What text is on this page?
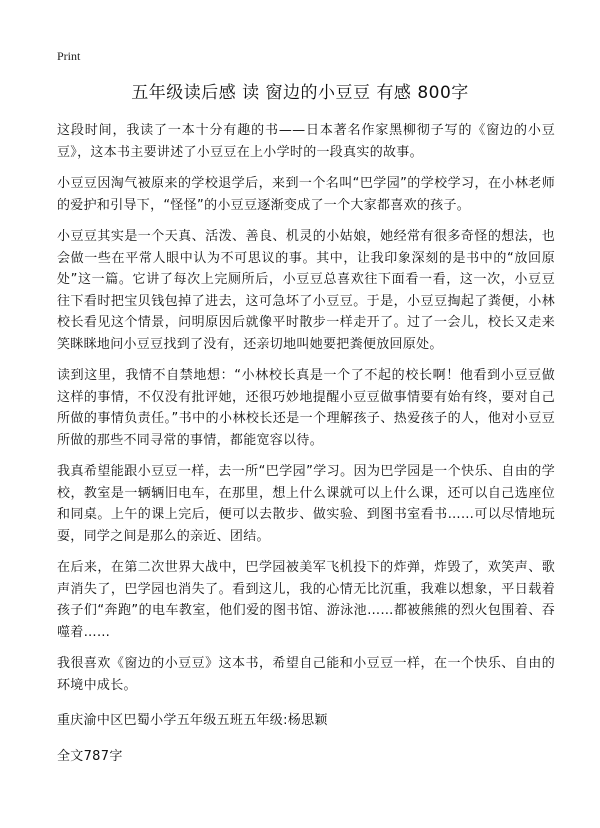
Print
五年级读后感 读 窗边的小豆豆 有感 800字

这段时间，我读了一本十分有趣的书——日本著名作家黑柳彻子写的《窗边的小豆豆》，这本书主要讲述了小豆豆在上小学时的一段真实的故事。

小豆豆因淘气被原来的学校退学后，来到一个名叫“巴学园”的学校学习，在小林老师的爱护和引导下，“怪怪”的小豆豆逐渐变成了一个大家都喜欢的孩子。

小豆豆其实是一个天真、活泼、善良、机灵的小姑娘，她经常有很多奇怪的想法，也会做一些在平常人眼中认为不可思议的事。其中，让我印象深刻的是书中的“放回原处”这一篇。它讲了每次上完厕所后，小豆豆总喜欢往下面看一看，这一次，小豆豆往下看时把宝贝钱包掉了进去，这可急坏了小豆豆。于是，小豆豆掏起了粪便，小林校长看见这个情景，问明原因后就像平时散步一样走开了。过了一会儿，校长又走来笑眯眯地问小豆豆找到了没有，还亲切地叫她要把粪便放回原处。

读到这里，我情不自禁地想：“小林校长真是一个了不起的校长啊！他看到小豆豆做这样的事情，不仅没有批评她，还很巧妙地提醒小豆豆做事情要有始有终，要对自己所做的事情负责任。”书中的小林校长还是一个理解孩子、热爱孩子的人，他对小豆豆所做的那些不同寻常的事情，都能宽容以待。

我真希望能跟小豆豆一样，去一所“巴学园”学习。因为巴学园是一个快乐、自由的学校，教室是一辆辆旧电车，在那里，想上什么课就可以上什么课，还可以自己选座位和同桌。上午的课上完后，便可以去散步、做实验、到图书室看书……可以尽情地玩耍，同学之间是那么的亲近、团结。

在后来，在第二次世界大战中，巴学园被美军飞机投下的炸弹，炸毁了，欢笑声、歌声消失了，巴学园也消失了。看到这儿，我的心情无比沉重，我难以想象，平日载着孩子们“奔跑”的电车教室，他们爱的图书馆、游泳池……都被熊熊的烈火包围着、吞噬着……

我很喜欢《窗边的小豆豆》这本书，希望自己能和小豆豆一样，在一个快乐、自由的环境中成长。

重庆渝中区巴蜀小学五年级五班五年级:杨思颖

全文787字
